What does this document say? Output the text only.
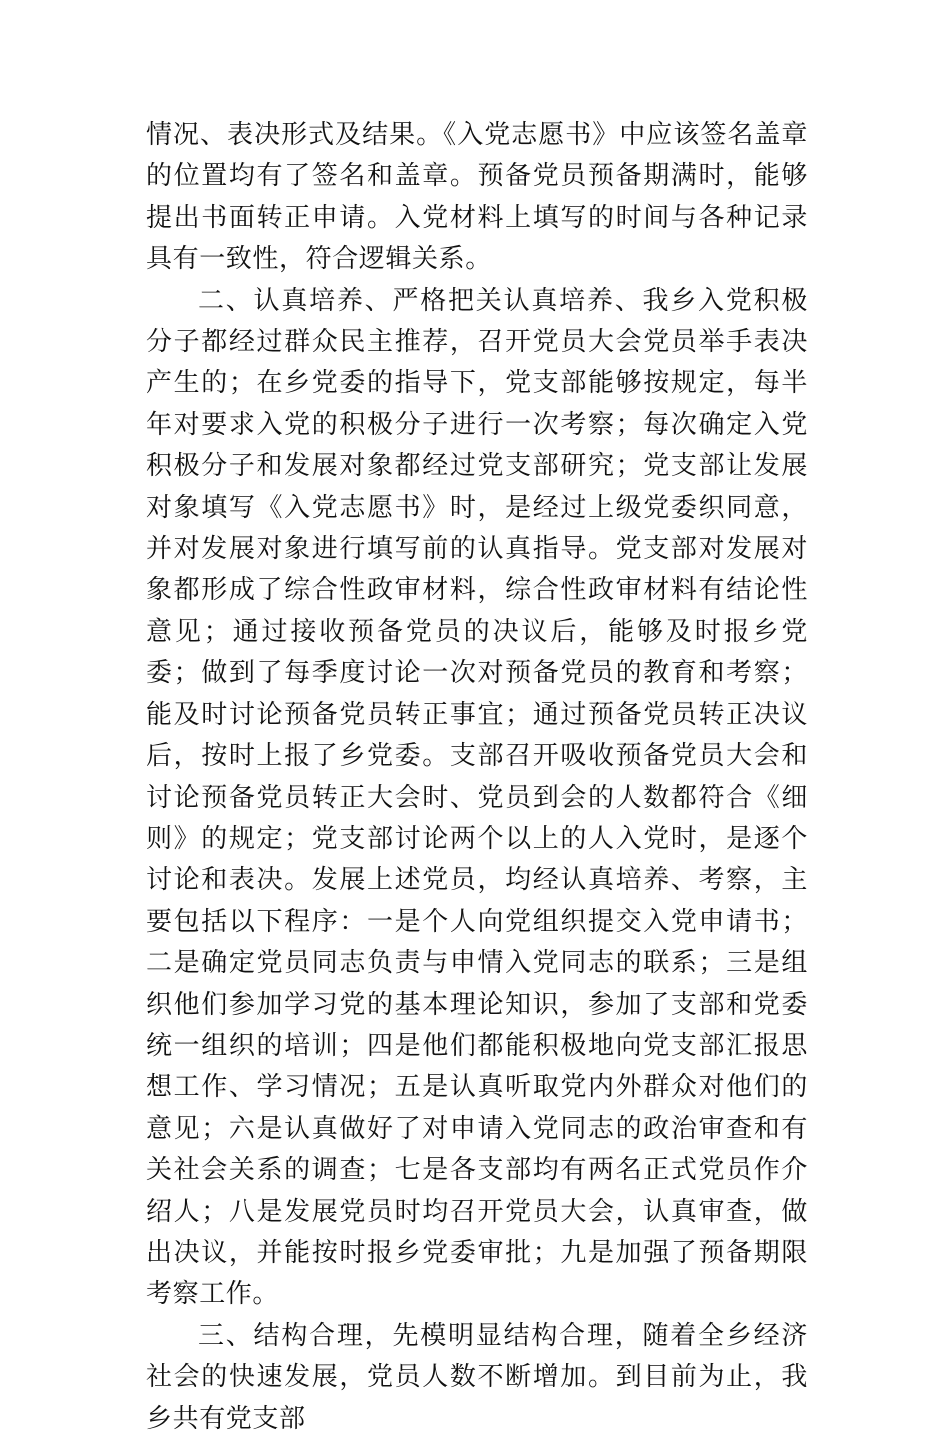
情况、表决形式及结果。《入党志愿书》中应该签名盖章的位置均有了签名和盖章。预备党员预备期满时，能够提出书面转正申请。入党材料上填写的时间与各种记录具有一致性，符合逻辑关系。

二、认真培养、严格把关认真培养、我乡入党积极分子都经过群众民主推荐，召开党员大会党员举手表决产生的；在乡党委的指导下，党支部能够按规定，每半年对要求入党的积极分子进行一次考察；每次确定入党积极分子和发展对象都经过党支部研究；党支部让发展对象填写《入党志愿书》时，是经过上级党委织同意，并对发展对象进行填写前的认真指导。党支部对发展对象都形成了综合性政审材料，综合性政审材料有结论性意见；通过接收预备党员的决议后，能够及时报乡党委；做到了每季度讨论一次对预备党员的教育和考察；能及时讨论预备党员转正事宜；通过预备党员转正决议后，按时上报了乡党委。支部召开吸收预备党员大会和讨论预备党员转正大会时、党员到会的人数都符合《细则》的规定；党支部讨论两个以上的人入党时，是逐个讨论和表决。发展上述党员，均经认真培养、考察，主要包括以下程序：一是个人向党组织提交入党申请书；二是确定党员同志负责与申情入党同志的联系；三是组织他们参加学习党的基本理论知识，参加了支部和党委统一组织的培训；四是他们都能积极地向党支部汇报思想工作、学习情况；五是认真听取党内外群众对他们的意见；六是认真做好了对申请入党同志的政治审查和有关社会关系的调查；七是各支部均有两名正式党员作介绍人；八是发展党员时均召开党员大会，认真审查，做出决议，并能按时报乡党委审批；九是加强了预备期限考察工作。

三、结构合理，先模明显结构合理，随着全乡经济社会的快速发展，党员人数不断增加。到目前为止，我乡共有党支部
